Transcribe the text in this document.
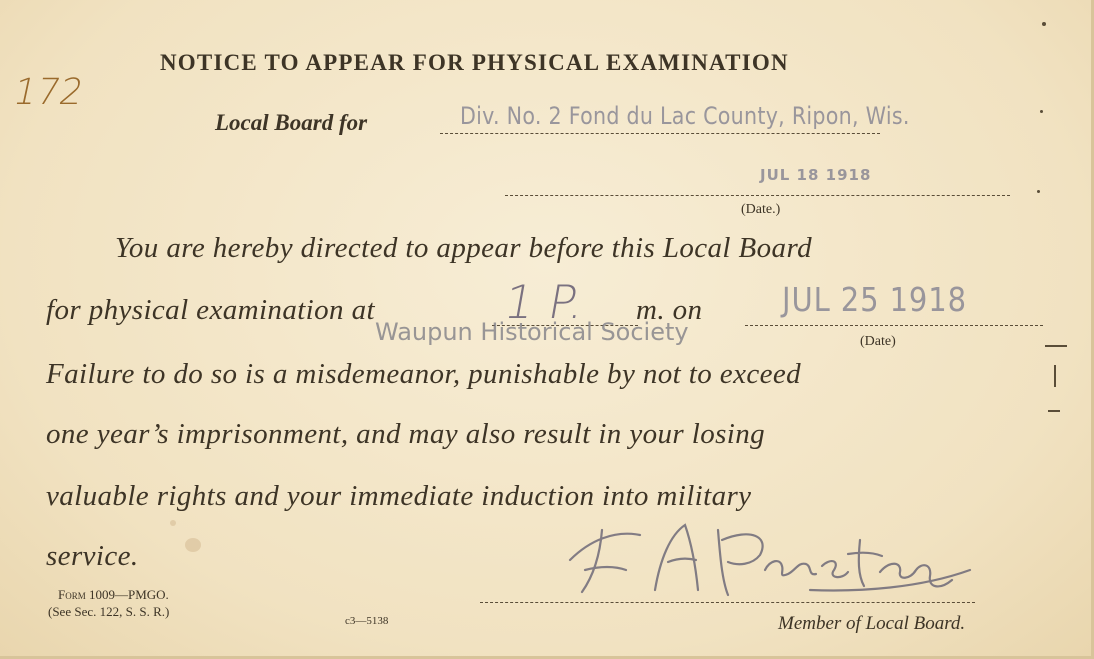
NOTICE TO APPEAR FOR PHYSICAL EXAMINATION
172
Local Board for	Div. No. 2 Fond du Lac County, Ripon, Wis.
JUL 18 1918
(Date.)
You are hereby directed to appear before this Local Board
for physical examination at	1 P. m. on JUL 25 1918
(Date)
Waupun Historical Society
Failure to do so is a misdemeanor, punishable by not to exceed
one year’s imprisonment, and may also result in your losing
valuable rights and your immediate induction into military
service.
Form 1009—PMGO.
(See Sec. 122, S. S. R.)
c3—5138	Member of Local Board.
